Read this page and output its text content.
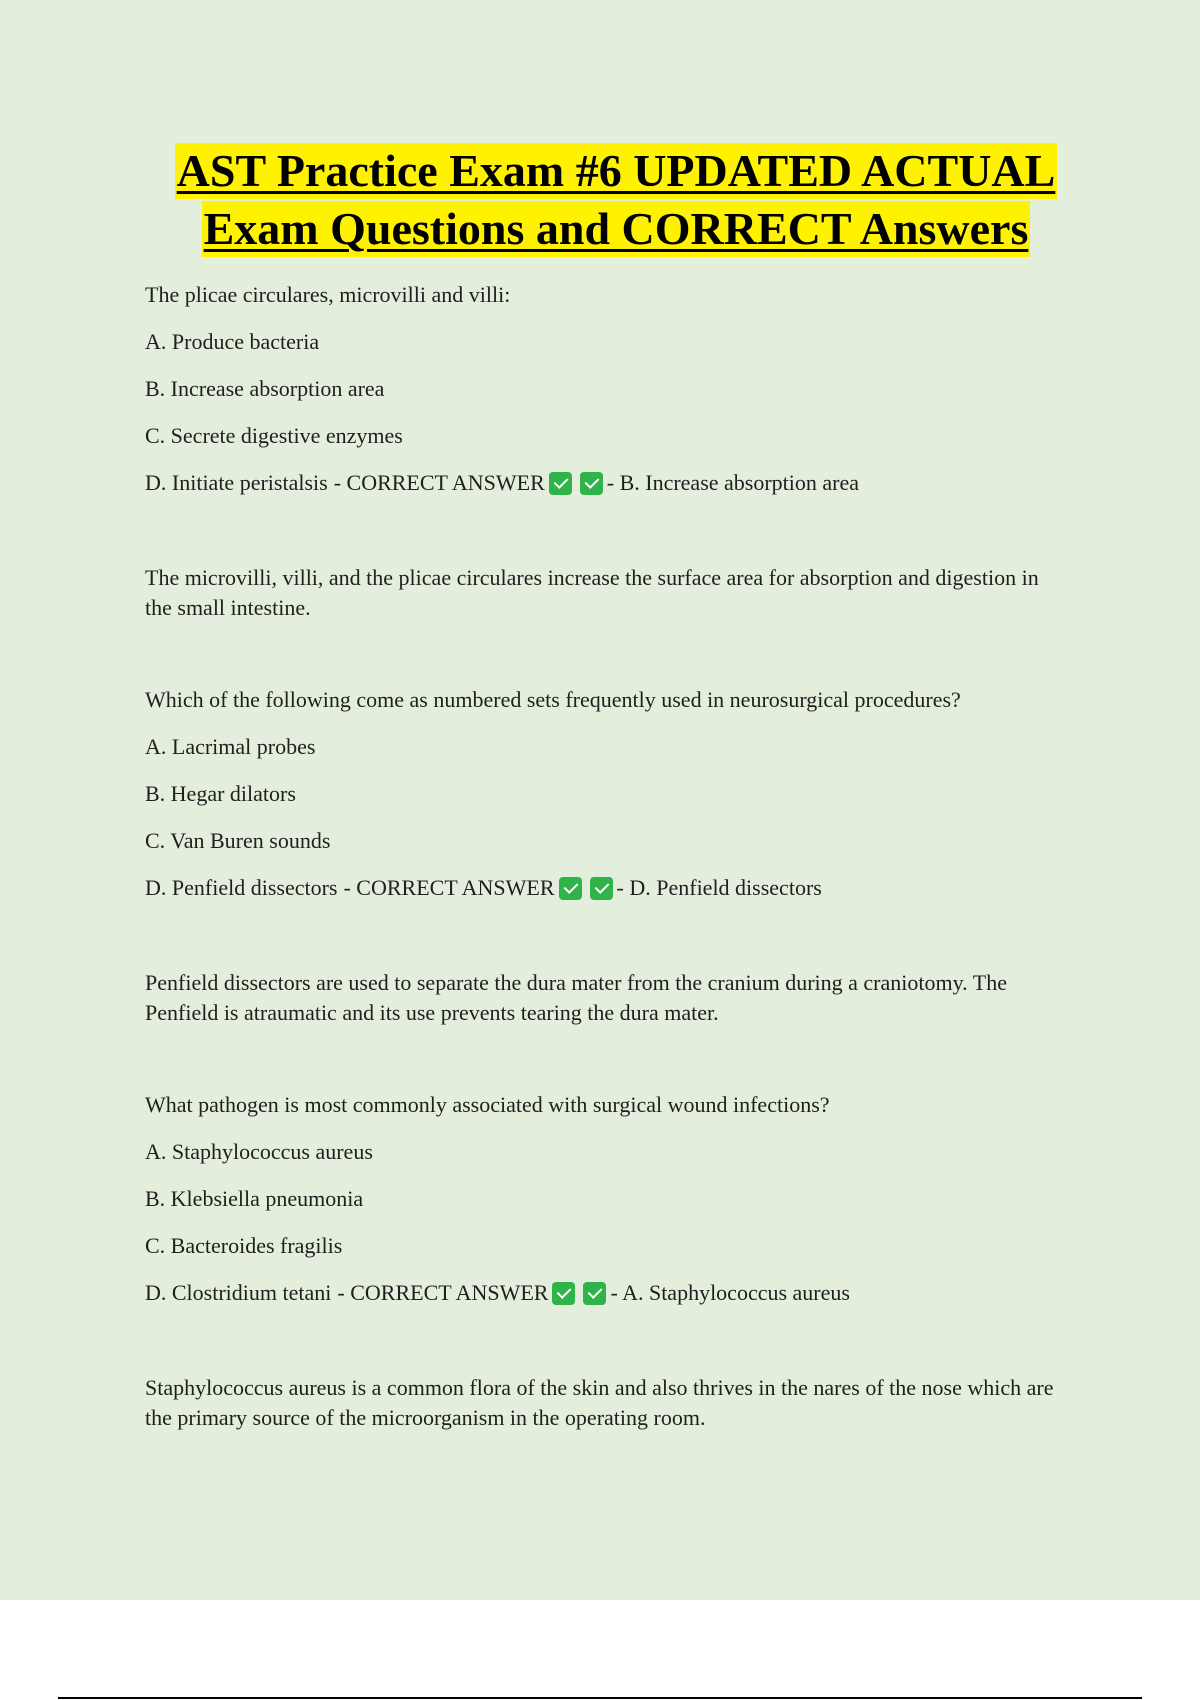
AST Practice Exam #6 UPDATED ACTUAL
Exam Questions and CORRECT Answers

The plicae circulares, microvilli and villi:

A. Produce bacteria

B. Increase absorption area

C. Secrete digestive enzymes

D. Initiate peristalsis - CORRECT ANSWER	- B. Increase absorption area

The microvilli, villi, and the plicae circulares increase the surface area for absorption and digestion in the small intestine.

Which of the following come as numbered sets frequently used in neurosurgical procedures?

A. Lacrimal probes

B. Hegar dilators

C. Van Buren sounds

D. Penfield dissectors - CORRECT ANSWER	- D. Penfield dissectors

Penfield dissectors are used to separate the dura mater from the cranium during a craniotomy. The Penfield is atraumatic and its use prevents tearing the dura mater.

What pathogen is most commonly associated with surgical wound infections?

A. Staphylococcus aureus

B. Klebsiella pneumonia

C. Bacteroides fragilis

D. Clostridium tetani - CORRECT ANSWER	- A. Staphylococcus aureus

Staphylococcus aureus is a common flora of the skin and also thrives in the nares of the nose which are the primary source of the microorganism in the operating room.
